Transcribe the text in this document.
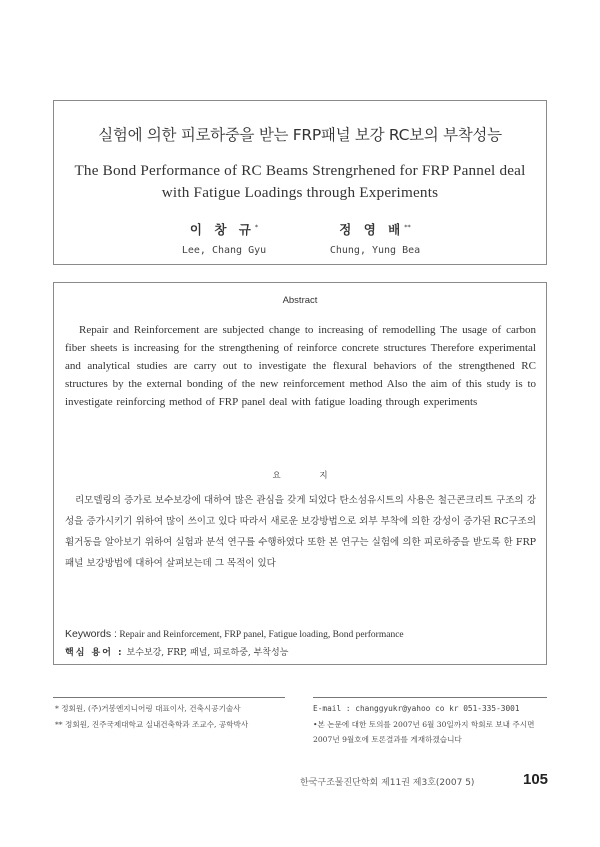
실험에 의한 피로하중을 받는 FRP패널 보강 RC보의 부착성능
The Bond Performance of RC Beams Strengrhened for FRP Pannel deal with Fatigue Loadings through Experiments
이 창 규*
Lee, Chang Gyu
정 영 배**
Chung, Yung Bea
Abstract
Repair and Reinforcement are subjected change to increasing of remodelling The usage of carbon fiber sheets is increasing for the strengthening of reinforce concrete structures Therefore experimental and analytical studies are carry out to investigate the flexural behaviors of the strengthened RC structures by the external bonding of the new reinforcement method Also the aim of this study is to investigate reinforcing method of FRP panel deal with fatigue loading through experiments
요 지
리모델링의 증가로 보수보강에 대하여 많은 관심을 갖게 되었다 탄소섬유시트의 사용은 철근콘크리트 구조의 강성을 증가시키기 위하여 많이 쓰이고 있다 따라서 새로운 보강방법으로 외부 부착에 의한 강성이 증가된 RC구조의 휨거동을 알아보기 위하여 실험과 분석 연구를 수행하였다 또한 본 연구는 실험에 의한 피로하중을 받도록 한 FRP패널 보강방법에 대하여 살펴보는데 그 목적이 있다
Keywords : Repair and Reinforcement, FRP panel, Fatigue loading, Bond performance
핵심 용어 : 보수보강, FRP, 패널, 피로하중, 부착성능
* 정회원, (주)거봉엔지니어링 대표이사, 건축시공기술사
** 정회원, 진주국제대학교 실내건축학과 조교수, 공학박사
E-mail : changgyukr@yahoo co kr 051-335-3001
•본 논문에 대한 토의를 2007년 6월 30일까지 학회로 보내 주시면 2007년 9월호에 토론결과를 게재하겠습니다
한국구조물진단학회 제11권 제3호(2007 5)	105
